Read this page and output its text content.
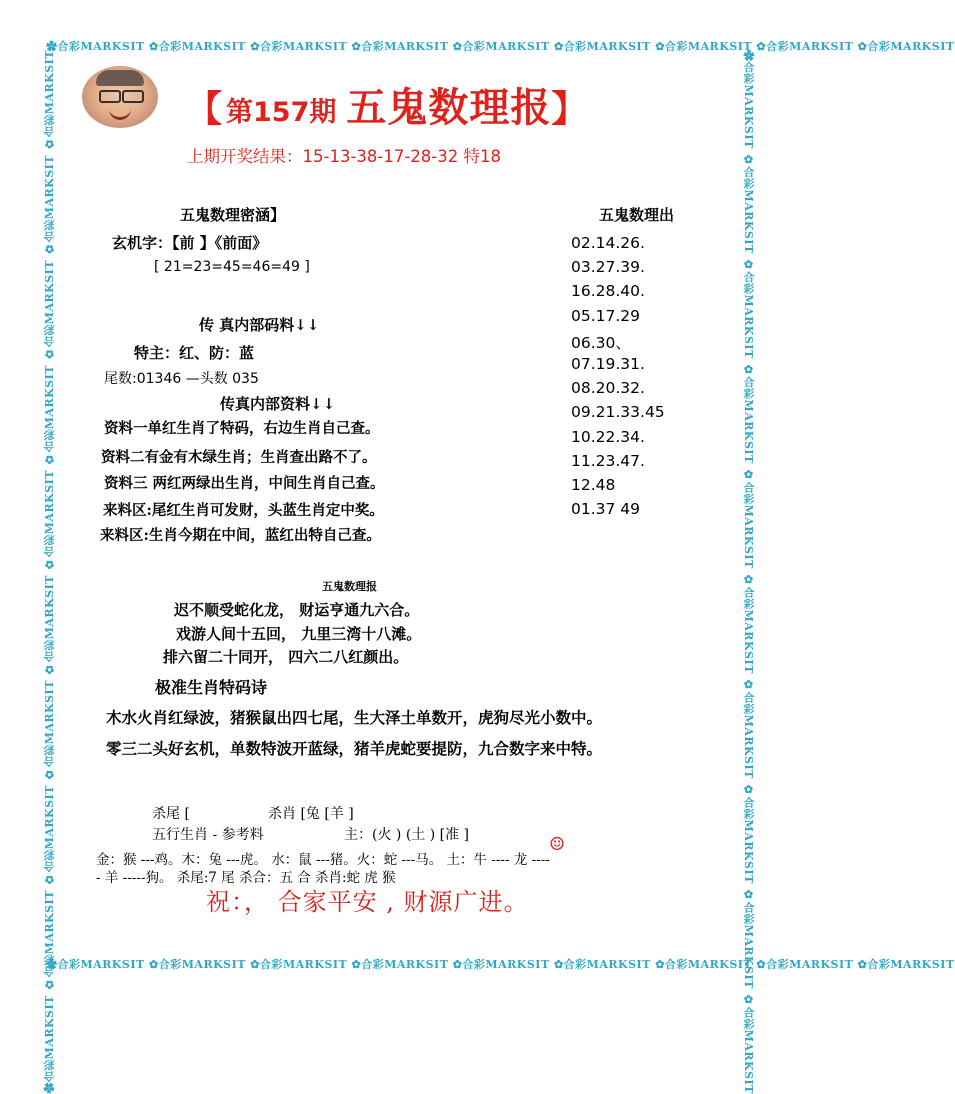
✿合彩MARKSIT ✿合彩MARKSIT ✿合彩MARKSIT ✿合彩MARKSIT ✿合彩MARKSIT ✿合彩MARKSIT ✿合彩MARKSIT ✿合彩MARKSIT ✿合彩MARKSIT
✿合彩MARKSIT ✿合彩MARKSIT ✿合彩MARKSIT ✿合彩MARKSIT ✿合彩MARKSIT ✿合彩MARKSIT ✿合彩MARKSIT ✿合彩MARKSIT ✿合彩MARKSIT
✿合彩MARKSIT ✿合彩MARKSIT ✿合彩MARKSIT ✿合彩MARKSIT ✿合彩MARKSIT ✿合彩MARKSIT ✿合彩MARKSIT ✿合彩MARKSIT ✿合彩MARKSIT ✿合彩MARKSIT	✿合彩MARKSIT ✿合彩MARKSIT ✿合彩MARKSIT ✿合彩MARKSIT ✿合彩MARKSIT ✿合彩MARKSIT ✿合彩MARKSIT ✿合彩MARKSIT ✿合彩MARKSIT ✿合彩MARKSIT
【 第157期 五鬼数理报 】
上期开奖结果：15-13-38-17-28-32 特18
五鬼数理密涵】
玄机字：【前 】《前面》
[ 21=23=45=46=49 ]
传 真内部码料↓↓
特主：红、防：蓝
尾数:01346 —头数 035
传真内部资料↓↓
资料一单红生肖了特码，右边生肖自己查。
资料二有金有木绿生肖；生肖查出路不了。
资料三 两红两绿出生肖，中间生肖自己查。
来料区:尾红生肖可发财，头蓝生肖定中奖。
来料区:生肖今期在中间，蓝红出特自己查。
五鬼数理出
02.14.26.
03.27.39.
16.28.40.
05.17.29
06.30、
07.19.31.
08.20.32.
09.21.33.45
10.22.34.
11.23.47.
12.48
01.37 49
五鬼数理报
迟不顺受蛇化龙， 财运亨通九六合。
戏游人间十五回， 九里三湾十八滩。
排六留二十同开， 四六二八红颜出。
极准生肖特码诗
木水火肖红绿波，猪猴鼠出四七尾，生大泽土单数开，虎狗尽光小数中。
零三二头好玄机，单数特波开蓝绿，猪羊虎蛇要提防，九合数字来中特。
杀尾 [	杀肖 [兔 [羊 ]
五行生肖 - 参考料	主：(火 ) (土 ) [准 ]
金：猴 ---鸡。木：兔 ---虎。 水：鼠 ---猪。火：蛇 ---马。 土：牛 ---- 龙 ----
- 羊 -----狗。 杀尾:7 尾 杀合：五 合 杀肖:蛇 虎 猴
☺
祝：， 合家平安 , 财源广进。
